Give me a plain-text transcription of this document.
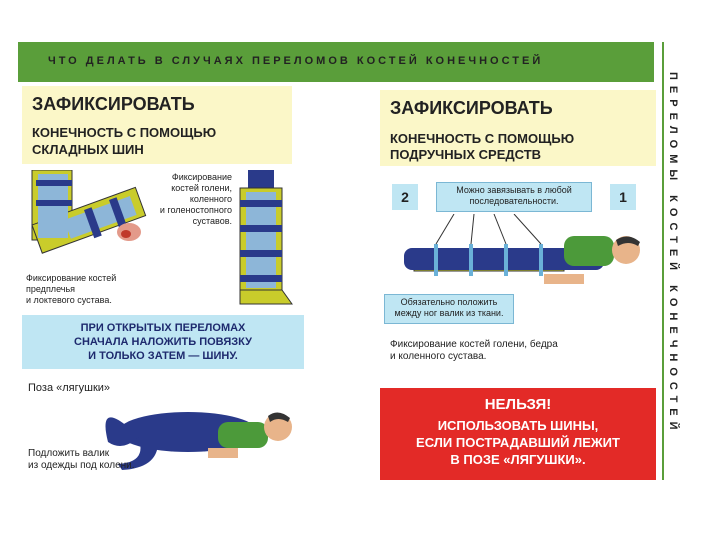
ЧТО ДЕЛАТЬ В СЛУЧАЯХ ПЕРЕЛОМОВ КОСТЕЙ КОНЕЧНОСТЕЙ
ПЕРЕЛОМЫ КОСТЕЙ КОНЕЧНОСТЕЙ
ЗАФИКСИРОВАТЬ
КОНЕЧНОСТЬ С ПОМОЩЬЮ
СКЛАДНЫХ ШИН
Фиксирование
костей голени,
коленного
и голеностопного
суставов.
Фиксирование костей
предплечья
и локтевого сустава.
ПРИ ОТКРЫТЫХ ПЕРЕЛОМАХ
СНАЧАЛА НАЛОЖИТЬ ПОВЯЗКУ
И ТОЛЬКО ЗАТЕМ — ШИНУ.
Поза «лягушки»
Подложить валик
из одежды под колени.
ЗАФИКСИРОВАТЬ
КОНЕЧНОСТЬ С ПОМОЩЬЮ
ПОДРУЧНЫХ СРЕДСТВ
2	1
Можно завязывать в любой
последовательности.
Обязательно положить
между ног валик из ткани.
Фиксирование костей голени, бедра
и коленного сустава.
НЕЛЬЗЯ!
ИСПОЛЬЗОВАТЬ ШИНЫ,
ЕСЛИ ПОСТРАДАВШИЙ ЛЕЖИТ
В ПОЗЕ «ЛЯГУШКИ».
